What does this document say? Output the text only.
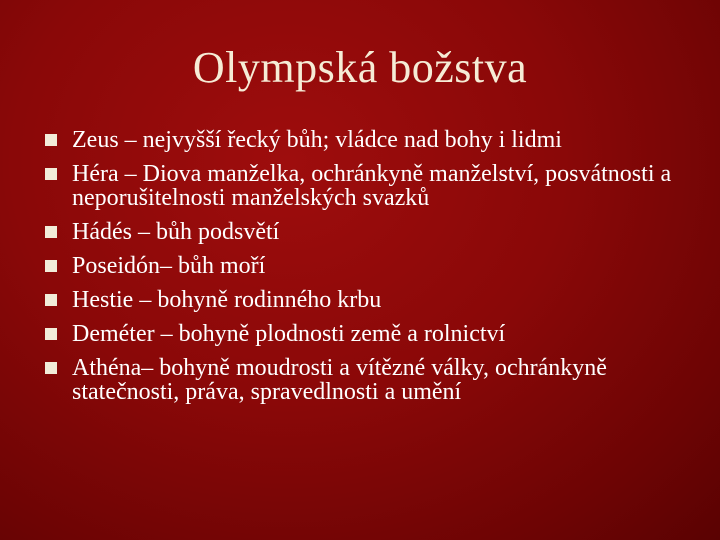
Olympská božstva
Zeus – nejvyšší řecký bůh; vládce nad bohy i lidmi
Héra – Diova manželka, ochránkyně manželství, posvátnosti a neporušitelnosti manželských svazků
Hádés – bůh podsvětí
Poseidón– bůh moří
Hestie – bohyně rodinného krbu
Deméter – bohyně plodnosti země a rolnictví
Athéna– bohyně moudrosti a vítězné války, ochránkyně statečnosti, práva, spravedlnosti a umění
